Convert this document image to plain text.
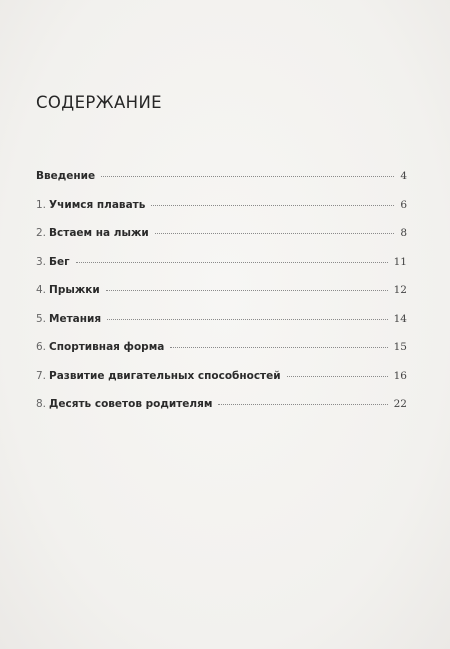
СОДЕРЖАНИЕ
Введение	4
1. Учимся плавать	6
2. Встаем на лыжи	8
3. Бег	11
4. Прыжки	12
5. Метания	14
6. Спортивная форма	15
7. Развитие двигательных способностей	16
8. Десять советов родителям	22
